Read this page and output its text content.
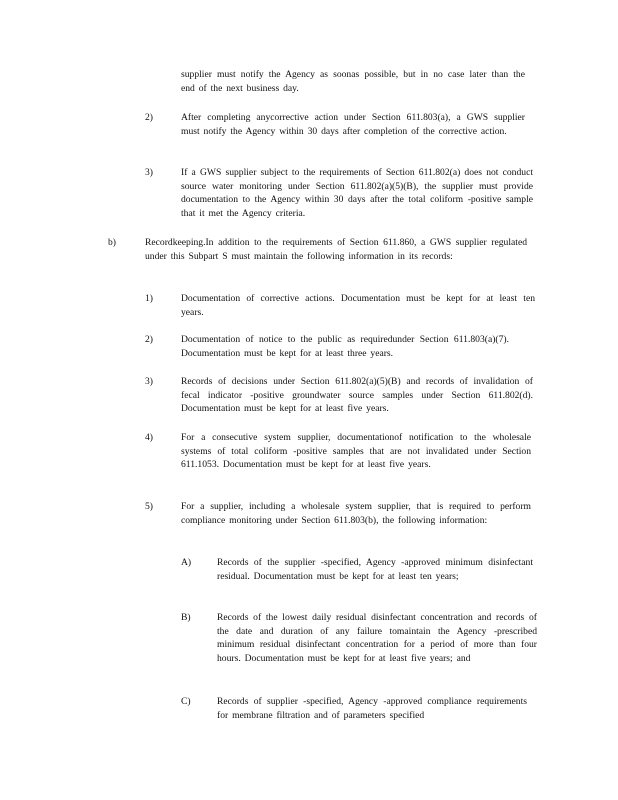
supplier must notify the Agency as soonas possible, but in no case later than the end of the next business day.

2)	After completing anycorrective action under Section 611.803(a), a GWS supplier must notify the Agency within 30 days after completion of the corrective action.

3)	If a GWS supplier subject to the requirements of Section 611.802(a) does not conduct source water monitoring under Section 611.802(a)(5)(B), the supplier must provide documentation to the Agency within 30 days after the total coliform -positive sample that it met the Agency criteria.

b)	Recordkeeping.In addition to the requirements of Section 611.860, a GWS supplier regulated under this Subpart S must maintain the following information in its records:

1)	Documentation of corrective actions. Documentation must be kept for at least ten years.

2)	Documentation of notice to the public as requiredunder Section 611.803(a)(7). Documentation must be kept for at least three years.

3)	Records of decisions under Section 611.802(a)(5)(B) and records of invalidation of fecal indicator -positive groundwater source samples under Section 611.802(d). Documentation must be kept for at least five years.

4)	For a consecutive system supplier, documentationof notification to the wholesale systems of total coliform -positive samples that are not invalidated under Section 611.1053. Documentation must be kept for at least five years.

5)	For a supplier, including a wholesale system supplier, that is required to perform compliance monitoring under Section 611.803(b), the following information:

A)	Records of the supplier -specified, Agency -approved minimum disinfectant residual. Documentation must be kept for at least ten years;

B)	Records of the lowest daily residual disinfectant concentration and records of the date and duration of any failure tomaintain the Agency -prescribed minimum residual disinfectant concentration for a period of more than four hours. Documentation must be kept for at least five years; and

C)	Records of supplier -specified, Agency -approved compliance requirements for membrane filtration and of parameters specified
